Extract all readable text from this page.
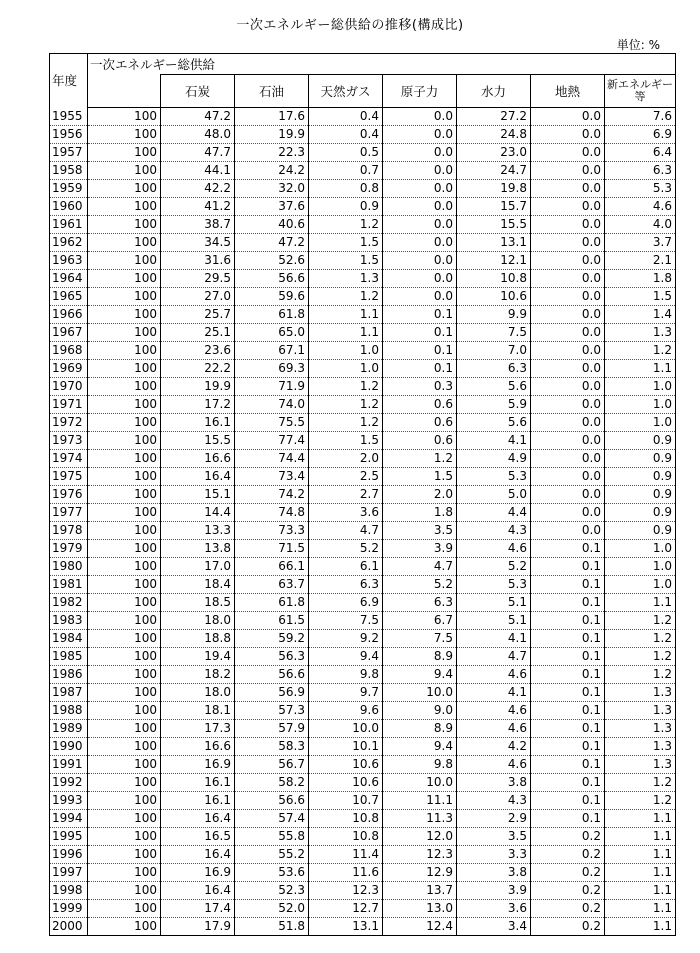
一次エネルギー総供給の推移(構成比)
単位: %
年度	一次エネルギー総供給							
		石炭	石油	天然ガス	原子力	水力	地熱	新エネルギー
等

1955	100	47.2	17.6	0.4	0.0	27.2	0.0	7.6
1956	100	48.0	19.9	0.4	0.0	24.8	0.0	6.9
1957	100	47.7	22.3	0.5	0.0	23.0	0.0	6.4
1958	100	44.1	24.2	0.7	0.0	24.7	0.0	6.3
1959	100	42.2	32.0	0.8	0.0	19.8	0.0	5.3
1960	100	41.2	37.6	0.9	0.0	15.7	0.0	4.6
1961	100	38.7	40.6	1.2	0.0	15.5	0.0	4.0
1962	100	34.5	47.2	1.5	0.0	13.1	0.0	3.7
1963	100	31.6	52.6	1.5	0.0	12.1	0.0	2.1
1964	100	29.5	56.6	1.3	0.0	10.8	0.0	1.8
1965	100	27.0	59.6	1.2	0.0	10.6	0.0	1.5
1966	100	25.7	61.8	1.1	0.1	9.9	0.0	1.4
1967	100	25.1	65.0	1.1	0.1	7.5	0.0	1.3
1968	100	23.6	67.1	1.0	0.1	7.0	0.0	1.2
1969	100	22.2	69.3	1.0	0.1	6.3	0.0	1.1
1970	100	19.9	71.9	1.2	0.3	5.6	0.0	1.0
1971	100	17.2	74.0	1.2	0.6	5.9	0.0	1.0
1972	100	16.1	75.5	1.2	0.6	5.6	0.0	1.0
1973	100	15.5	77.4	1.5	0.6	4.1	0.0	0.9
1974	100	16.6	74.4	2.0	1.2	4.9	0.0	0.9
1975	100	16.4	73.4	2.5	1.5	5.3	0.0	0.9
1976	100	15.1	74.2	2.7	2.0	5.0	0.0	0.9
1977	100	14.4	74.8	3.6	1.8	4.4	0.0	0.9
1978	100	13.3	73.3	4.7	3.5	4.3	0.0	0.9
1979	100	13.8	71.5	5.2	3.9	4.6	0.1	1.0
1980	100	17.0	66.1	6.1	4.7	5.2	0.1	1.0
1981	100	18.4	63.7	6.3	5.2	5.3	0.1	1.0
1982	100	18.5	61.8	6.9	6.3	5.1	0.1	1.1
1983	100	18.0	61.5	7.5	6.7	5.1	0.1	1.2
1984	100	18.8	59.2	9.2	7.5	4.1	0.1	1.2
1985	100	19.4	56.3	9.4	8.9	4.7	0.1	1.2
1986	100	18.2	56.6	9.8	9.4	4.6	0.1	1.2
1987	100	18.0	56.9	9.7	10.0	4.1	0.1	1.3
1988	100	18.1	57.3	9.6	9.0	4.6	0.1	1.3
1989	100	17.3	57.9	10.0	8.9	4.6	0.1	1.3
1990	100	16.6	58.3	10.1	9.4	4.2	0.1	1.3
1991	100	16.9	56.7	10.6	9.8	4.6	0.1	1.3
1992	100	16.1	58.2	10.6	10.0	3.8	0.1	1.2
1993	100	16.1	56.6	10.7	11.1	4.3	0.1	1.2
1994	100	16.4	57.4	10.8	11.3	2.9	0.1	1.1
1995	100	16.5	55.8	10.8	12.0	3.5	0.2	1.1
1996	100	16.4	55.2	11.4	12.3	3.3	0.2	1.1
1997	100	16.9	53.6	11.6	12.9	3.8	0.2	1.1
1998	100	16.4	52.3	12.3	13.7	3.9	0.2	1.1
1999	100	17.4	52.0	12.7	13.0	3.6	0.2	1.1
2000	100	17.9	51.8	13.1	12.4	3.4	0.2	1.1
